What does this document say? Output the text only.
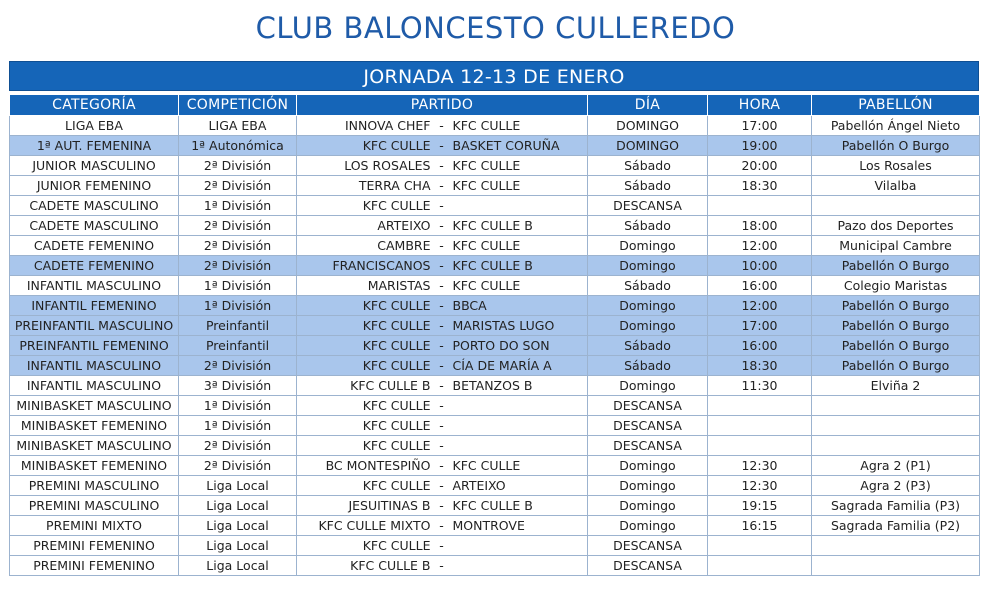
CLUB BALONCESTO CULLEREDO
JORNADA 12-13 DE ENERO
CATEGORÍA	COMPETICIÓN	PARTIDO			DÍA	HORA	PABELLÓN
LIGA EBA	LIGA EBA	INNOVA CHEF	-	KFC CULLE	DOMINGO	17:00	Pabellón Ángel Nieto
1ª AUT. FEMENINA	1ª Autonómica	KFC CULLE	-	BASKET CORUÑA	DOMINGO	19:00	Pabellón O Burgo
JUNIOR MASCULINO	2ª División	LOS ROSALES	-	KFC CULLE	Sábado	20:00	Los Rosales
JUNIOR FEMENINO	2ª División	TERRA CHA	-	KFC CULLE	Sábado	18:30	Vilalba
CADETE MASCULINO	1ª División	KFC CULLE	-		DESCANSA		
CADETE MASCULINO	2ª División	ARTEIXO	-	KFC CULLE B	Sábado	18:00	Pazo dos Deportes
CADETE FEMENINO	2ª División	CAMBRE	-	KFC CULLE	Domingo	12:00	Municipal Cambre
CADETE FEMENINO	2ª División	FRANCISCANOS	-	KFC CULLE B	Domingo	10:00	Pabellón O Burgo
INFANTIL MASCULINO	1ª División	MARISTAS	-	KFC CULLE	Sábado	16:00	Colegio Maristas
INFANTIL FEMENINO	1ª División	KFC CULLE	-	BBCA	Domingo	12:00	Pabellón O Burgo
PREINFANTIL MASCULINO	Preinfantil	KFC CULLE	-	MARISTAS LUGO	Domingo	17:00	Pabellón O Burgo
PREINFANTIL FEMENINO	Preinfantil	KFC CULLE	-	PORTO DO SON	Sábado	16:00	Pabellón O Burgo
INFANTIL MASCULINO	2ª División	KFC CULLE	-	CÍA DE MARÍA A	Sábado	18:30	Pabellón O Burgo
INFANTIL MASCULINO	3ª División	KFC CULLE B	-	BETANZOS B	Domingo	11:30	Elviña 2
MINIBASKET MASCULINO	1ª División	KFC CULLE	-		DESCANSA		
MINIBASKET FEMENINO	1ª División	KFC CULLE	-		DESCANSA		
MINIBASKET MASCULINO	2ª División	KFC CULLE	-		DESCANSA		
MINIBASKET FEMENINO	2ª División	BC MONTESPIÑO	-	KFC CULLE	Domingo	12:30	Agra 2 (P1)
PREMINI MASCULINO	Liga Local	KFC CULLE	-	ARTEIXO	Domingo	12:30	Agra 2 (P3)
PREMINI MASCULINO	Liga Local	JESUITINAS B	-	KFC CULLE B	Domingo	19:15	Sagrada Familia (P3)
PREMINI MIXTO	Liga Local	KFC CULLE MIXTO	-	MONTROVE	Domingo	16:15	Sagrada Familia (P2)
PREMINI FEMENINO	Liga Local	KFC CULLE	-		DESCANSA		
PREMINI FEMENINO	Liga Local	KFC CULLE B	-		DESCANSA		
